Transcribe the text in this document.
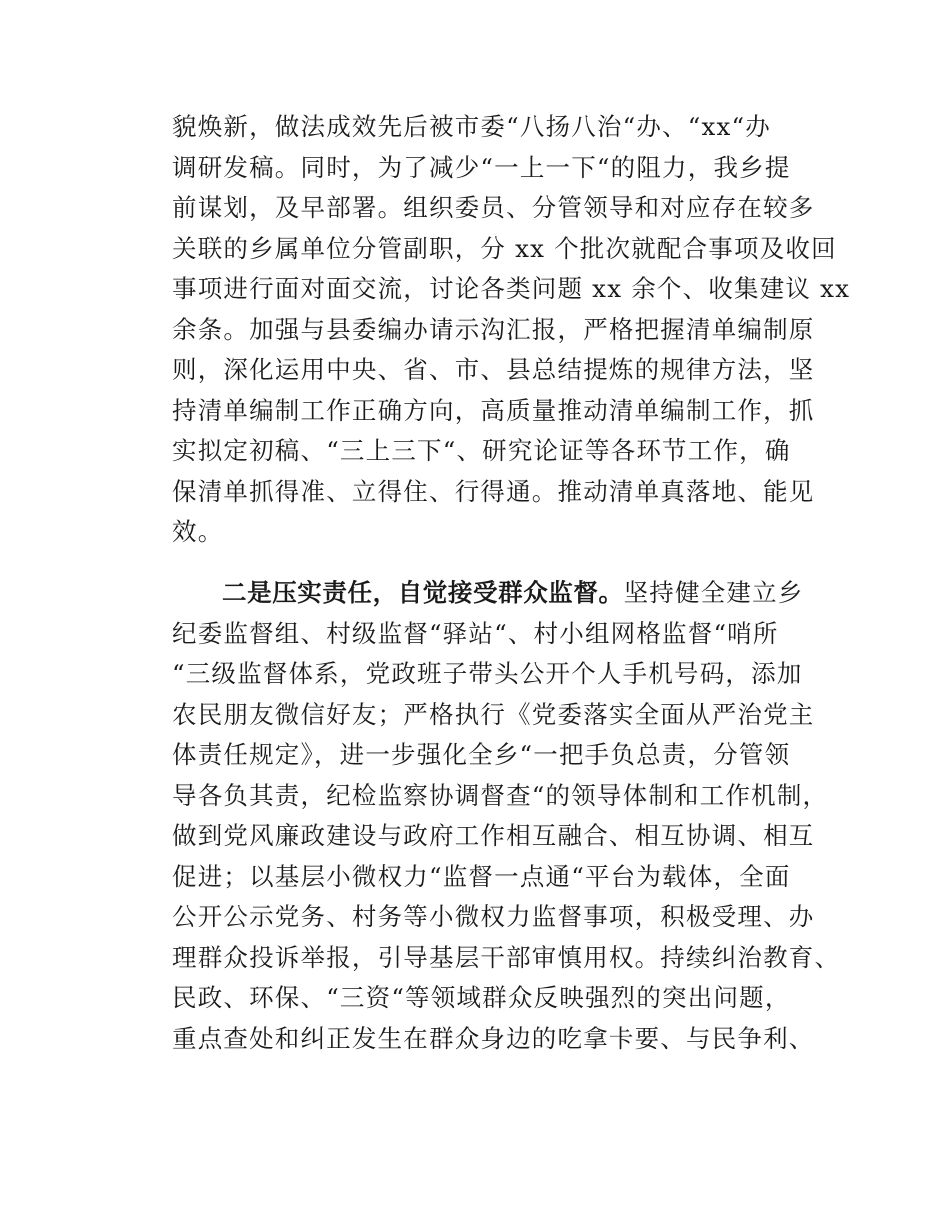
貌焕新，做法成效先后被市委“八扬八治“办、“xx“办
调研发稿。同时，为了减少“一上一下“的阻力，我乡提
前谋划，及早部署。组织委员、分管领导和对应存在较多
关联的乡属单位分管副职，分 xx 个批次就配合事项及收回
事项进行面对面交流，讨论各类问题 xx 余个、收集建议 xx
余条。加强与县委编办请示沟汇报，严格把握清单编制原
则，深化运用中央、省、市、县总结提炼的规律方法，坚
持清单编制工作正确方向，高质量推动清单编制工作，抓
实拟定初稿、“三上三下“、研究论证等各环节工作，确
保清单抓得准、立得住、行得通。推动清单真落地、能见
效。
二是压实责任，自觉接受群众监督。坚持健全建立乡
纪委监督组、村级监督“驿站“、村小组网格监督“哨所
“三级监督体系，党政班子带头公开个人手机号码，添加
农民朋友微信好友；严格执行《党委落实全面从严治党主
体责任规定》，进一步强化全乡“一把手负总责，分管领
导各负其责，纪检监察协调督查“的领导体制和工作机制，
做到党风廉政建设与政府工作相互融合、相互协调、相互
促进；以基层小微权力“监督一点通“平台为载体，全面
公开公示党务、村务等小微权力监督事项，积极受理、办
理群众投诉举报，引导基层干部审慎用权。持续纠治教育、
民政、环保、“三资“等领域群众反映强烈的突出问题，
重点查处和纠正发生在群众身边的吃拿卡要、与民争利、
